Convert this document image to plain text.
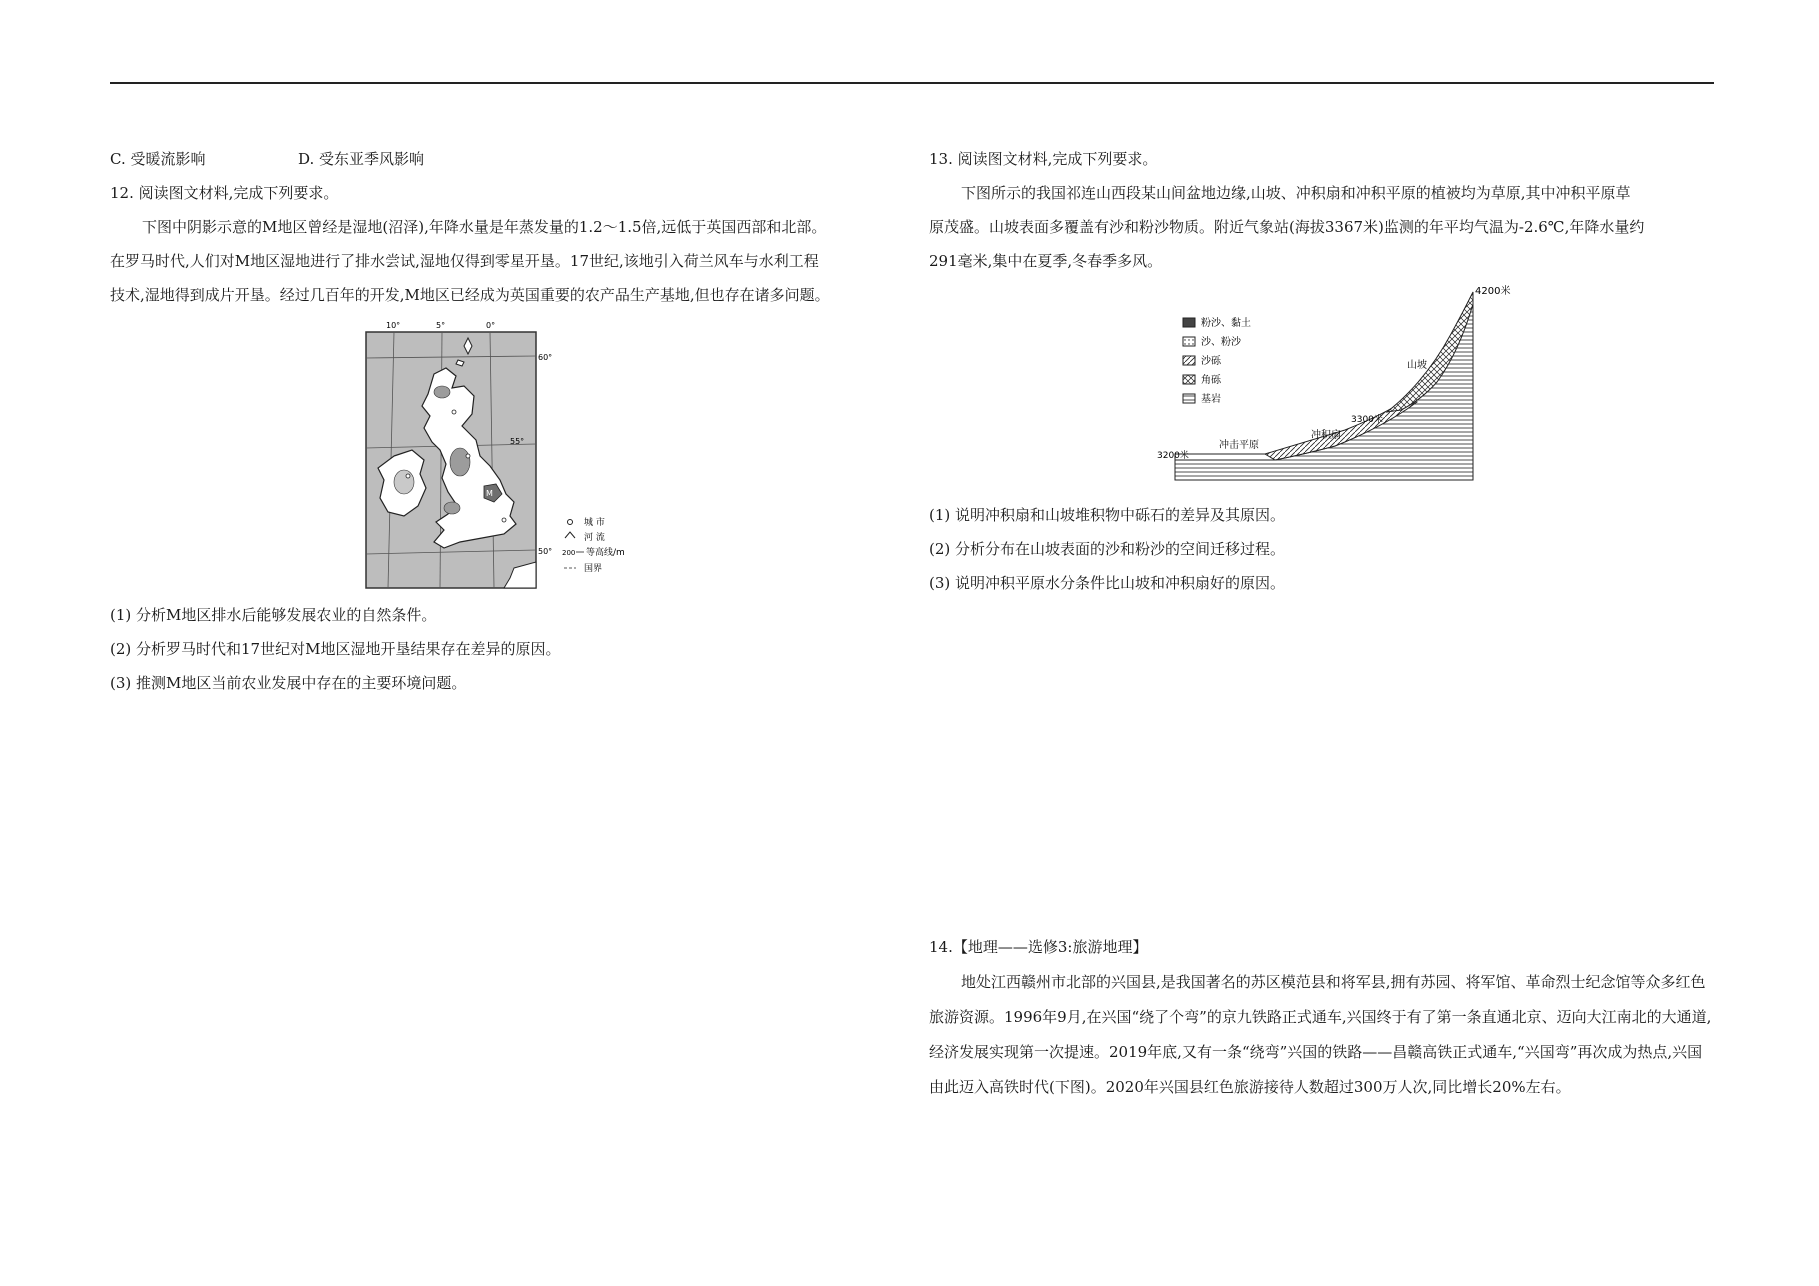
C. 受暖流影响	D. 受东亚季风影响
12. 阅读图文材料,完成下列要求。
下图中阴影示意的M地区曾经是湿地(沼泽),年降水量是年蒸发量的1.2～1.5倍,远低于英国西部和北部。
在罗马时代,人们对M地区湿地进行了排水尝试,湿地仅得到零星开垦。17世纪,该地引入荷兰风车与水利工程
技术,湿地得到成片开垦。经过几百年的开发,M地区已经成为英国重要的农产品生产基地,但也存在诸多问题。
M
10°	5°	0°
60°
55°
50°
城 市
河 流
200 等高线/m
国界
(1) 分析M地区排水后能够发展农业的自然条件。
(2) 分析罗马时代和17世纪对M地区湿地开垦结果存在差异的原因。
(3) 推测M地区当前农业发展中存在的主要环境问题。
13. 阅读图文材料,完成下列要求。
下图所示的我国祁连山西段某山间盆地边缘,山坡、冲积扇和冲积平原的植被均为草原,其中冲积平原草
原茂盛。山坡表面多覆盖有沙和粉沙物质。附近气象站(海拔3367米)监测的年平均气温为-2.6℃,年降水量约
291毫米,集中在夏季,冬春季多风。
粉沙、黏土
沙、粉沙
沙砾
角砾
基岩
4200米
山坡
3300米
冲积扇
冲击平原
3200米
(1) 说明冲积扇和山坡堆积物中砾石的差异及其原因。
(2) 分析分布在山坡表面的沙和粉沙的空间迁移过程。
(3) 说明冲积平原水分条件比山坡和冲积扇好的原因。
14.【地理——选修3:旅游地理】
地处江西赣州市北部的兴国县,是我国著名的苏区模范县和将军县,拥有苏园、将军馆、革命烈士纪念馆等众多红色旅游资源。1996年9月,在兴国“绕了个弯”的京九铁路正式通车,兴国终于有了第一条直通北京、迈向大江南北的大通道,经济发展实现第一次提速。2019年底,又有一条“绕弯”兴国的铁路——昌赣高铁正式通车,“兴国弯”再次成为热点,兴国由此迈入高铁时代(下图)。2020年兴国县红色旅游接待人数超过300万人次,同比增长20%左右。
